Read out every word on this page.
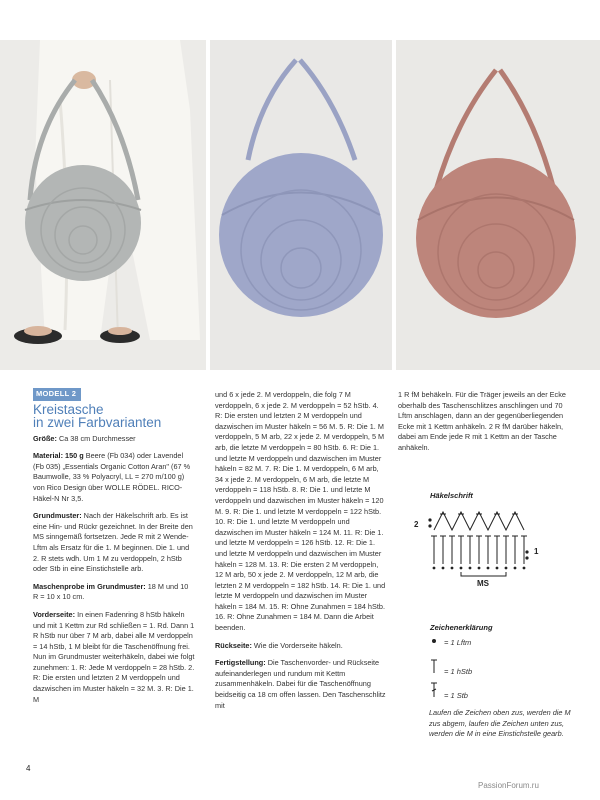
MODELL 2
Kreistasche
in zwei Farbvarianten

Größe: Ca 38 cm Durchmesser

Material: 150 g Beere (Fb 034) oder Lavendel (Fb 035) „Essentials Organic Cotton Aran" (67 % Baumwolle, 33 % Polyacryl, LL = 270 m/100 g) von Rico Design über WOLLE RÖDEL. RICO-Häkel-N Nr 3,5.

Grundmuster: Nach der Häkelschrift arb. Es ist eine Hin- und Rückr gezeichnet. In der Breite den MS sinngemäß fortsetzen. Jede R mit 2 Wende-Lftm als Ersatz für die 1. M beginnen. Die 1. und 2. R stets wdh. Um 1 M zu verdoppeln, 2 hStb oder Stb in eine Einstichstelle arb.

Maschenprobe im Grundmuster: 18 M und 10 R = 10 x 10 cm.

Vorderseite: In einen Fadenring 8 hStb häkeln und mit 1 Kettm zur Rd schließen = 1. Rd. Dann 1 R hStb nur über 7 M arb, dabei alle M verdoppeln = 14 hStb, 1 M bleibt für die Taschenöffnung frei. Nun im Grundmuster weiterhäkeln, dabei wie folgt zunehmen: 1. R: Jede M verdoppeln = 28 hStb. 2. R: Die ersten und letzten 2 M verdoppeln und dazwischen im Muster häkeln = 32 M. 3. R: Die 1. M

und 6 x jede 2. M verdoppeln, die folg 7 M verdoppeln, 6 x jede 2. M verdoppeln = 52 hStb. 4. R: Die ersten und letzten 2 M verdoppeln und dazwischen im Muster häkeln = 56 M. 5. R: Die 1. M verdoppeln, 5 M arb, 22 x jede 2. M verdoppeln, 5 M arb, die letzte M verdoppeln = 80 hStb. 6. R: Die 1. und letzte M verdoppeln und dazwischen im Muster häkeln = 82 M. 7. R: Die 1. M verdoppeln, 6 M arb, 34 x jede 2. M verdoppeln, 6 M arb, die letzte M verdoppeln = 118 hStb. 8. R: Die 1. und letzte M verdoppeln und dazwischen im Muster häkeln = 120 M. 9. R: Die 1. und letzte M verdoppeln = 122 hStb. 10. R: Die 1. und letzte M verdoppeln und dazwischen im Muster häkeln = 124 M. 11. R: Die 1. und letzte M verdoppeln = 126 hStb. 12. R: Die 1. und letzte M verdoppeln und dazwischen im Muster häkeln = 128 M. 13. R: Die ersten 2 M verdoppeln, 12 M arb, 50 x jede 2. M verdoppeln, 12 M arb, die letzten 2 M verdoppeln = 182 hStb. 14. R: Die 1. und letzte M verdoppeln und dazwischen im Muster häkeln = 184 M. 15. R: Ohne Zunahmen = 184 hStb. 16. R: Ohne Zunahmen = 184 M. Dann die Arbeit beenden.

Rückseite: Wie die Vorderseite häkeln.

Fertigstellung: Die Taschenvorder- und Rückseite aufeinanderlegen und rundum mit Kettm zusammenhäkeln. Dabei für die Taschenöffnung beidseitig ca 18 cm offen lassen. Den Taschenschlitz mit

1 R fM behäkeln. Für die Träger jeweils an der Ecke oberhalb des Taschenschlitzes anschlingen und 70 Lftm anschlagen, dann an der gegenüberliegenden Ecke mit 1 Kettm anhäkeln. 2 R fM darüber häkeln, dabei am Ende jede R mit 1 Kettm an der Tasche anhäkeln.

Häkelschrift
2
1
MS
Zeichenerklärung
= 1 Lftm
= 1 hStb
= 1 Stb
Laufen die Zeichen oben zus, werden die M zus abgem, laufen die Zeichen unten zus, werden die M in eine Einstichstelle gearb.
4
PassionForum.ru
